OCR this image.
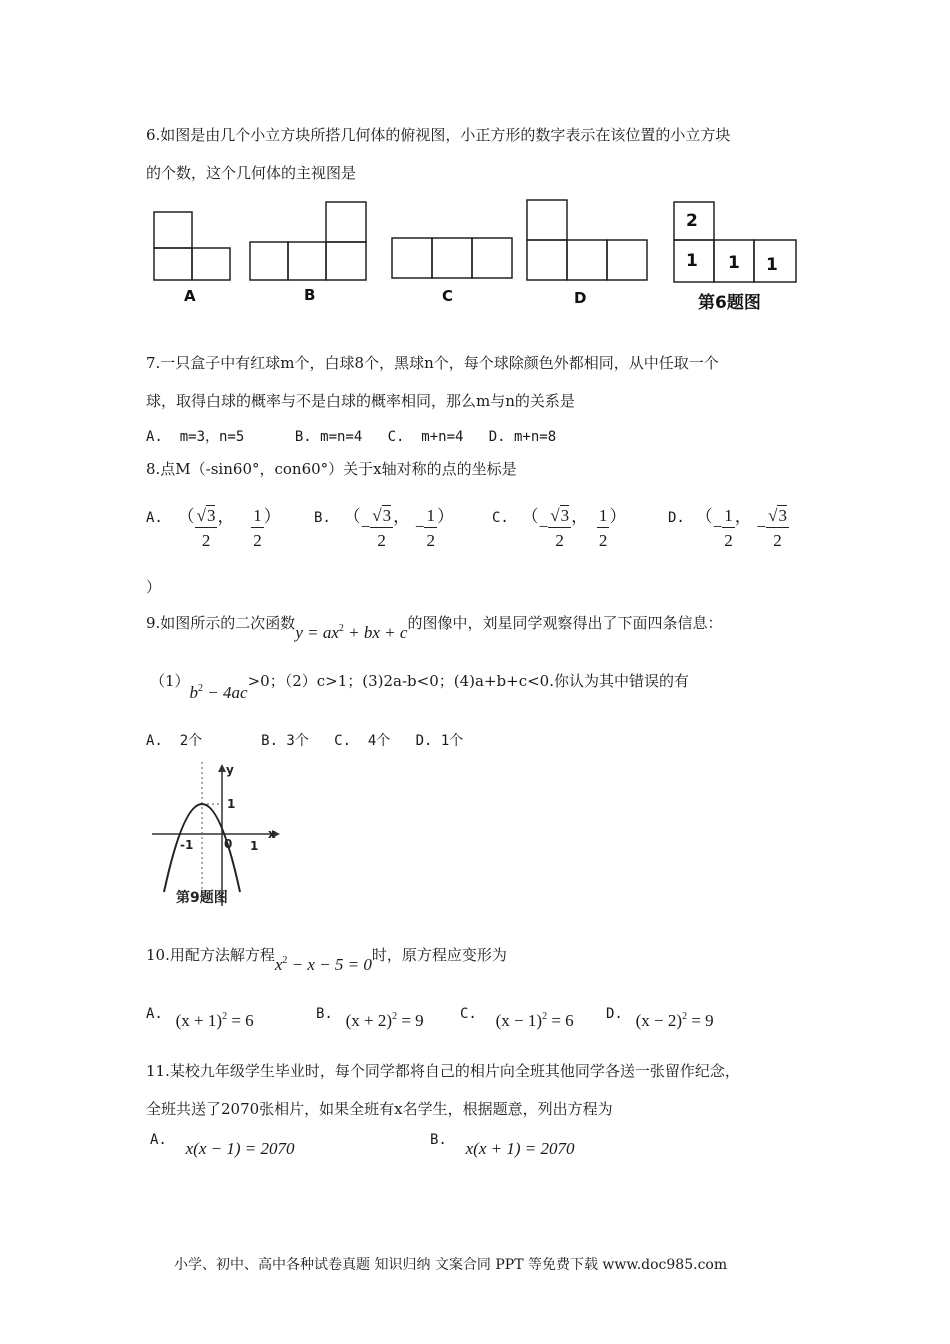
6.如图是由几个小立方块所搭几何体的俯视图，小正方形的数字表示在该位置的小立方块
的个数，这个几何体的主视图是
A	B	C	D
2
1 1 1
第6题图
7.一只盒子中有红球m个，白球8个，黑球n个，每个球除颜色外都相同，从中任取一个
球，取得白球的概率与不是白球的概率相同，那么m与n的关系是
A.  m=3，n=5      B. m=n=4   C.  m+n=4   D. m+n=8
8.点M（-sin60°，con60°）关于x轴对称的点的坐标是
A. （ $\frac{√3}{2}$ ， $\frac{1}{2}$ ） B. （− $\frac{√3}{2}$ ， − $\frac{1}{2}$ ）	C. （− $\frac{√3}{2}$ ， $\frac{1}{2}$ ）	D. （− $\frac{1}{2}$ ， − $\frac{√3}{2}$
）
9.如图所示的二次函数$y = ax^2$ + bx + c的图像中，刘星同学观察得出了下面四条信息：
$(1)b^2 - 4ac>0$；（2）c>1；(3)2a-b<0；(4)a+b+c<0.你认为其中错误的有
A.  2个       B. 3个   C.  4个   D. 1个
y
x
1
-1	0 1
第9题图
10.用配方法解方程$x^2 - x - 5 = 0$时，原方程应变形为
A. $(x + 1)^2 = 6$	B. $(x + 2)^2 = 9$	C. $(x - 1)^2 = 6$ D. $(x - 2)^2 = 9$
11.某校九年级学生毕业时，每个同学都将自己的相片向全班其他同学各送一张留作纪念，
全班共送了2070张相片，如果全班有x名学生，根据题意，列出方程为
A. x(x − 1) = 2070	B. x(x + 1) = 2070
小学、初中、高中各种试卷真题 知识归纳 文案合同 PPT 等免费下载 www.doc985.com
